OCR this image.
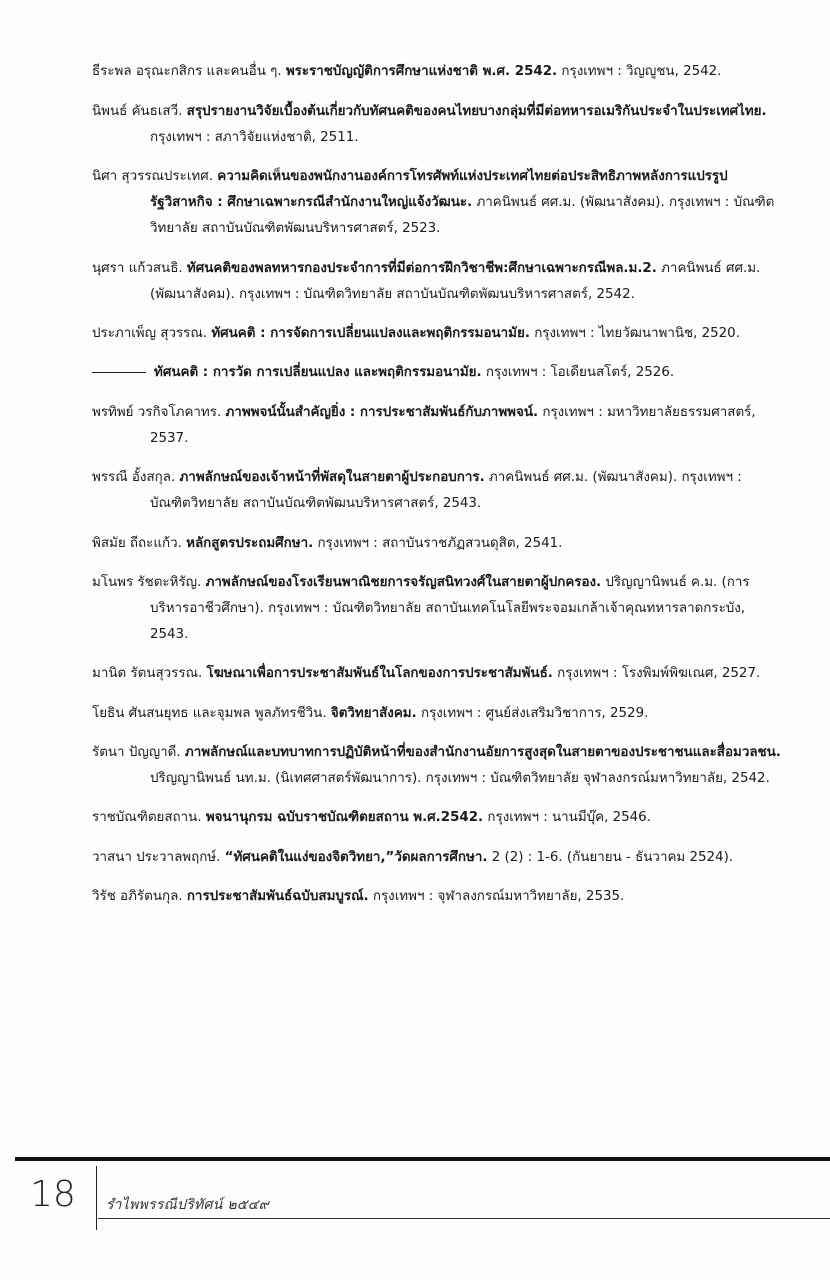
ธีระพล อรุณะกสิกร และคนอื่น ๆ. พระราชบัญญัติการศึกษาแห่งชาติ พ.ศ. 2542. กรุงเทพฯ : วิญญูชน, 2542.

นิพนธ์ คันธเสวี. สรุปรายงานวิจัยเบื้องต้นเกี่ยวกับทัศนคติของคนไทยบางกลุ่มที่มีต่อทหารอเมริกันประจำในประเทศไทย. กรุงเทพฯ : สภาวิจัยแห่งชาติ, 2511.

นิศา สุวรรณประเทศ. ความคิดเห็นของพนักงานองค์การโทรศัพท์แห่งประเทศไทยต่อประสิทธิภาพหลังการแปรรูปรัฐวิสาหกิจ : ศึกษาเฉพาะกรณีสำนักงานใหญ่แจ้งวัฒนะ. ภาคนิพนธ์ ศศ.ม. (พัฒนาสังคม). กรุงเทพฯ : บัณฑิตวิทยาลัย สถาบันบัณฑิตพัฒนบริหารศาสตร์, 2523.

นุศรา แก้วสนธิ. ทัศนคติของพลทหารกองประจำการที่มีต่อการฝึกวิชาชีพ:ศึกษาเฉพาะกรณีพล.ม.2. ภาคนิพนธ์ ศศ.ม. (พัฒนาสังคม). กรุงเทพฯ : บัณฑิตวิทยาลัย สถาบันบัณฑิตพัฒนบริหารศาสตร์, 2542.

ประภาเพ็ญ สุวรรณ. ทัศนคติ : การจัดการเปลี่ยนแปลงและพฤติกรรมอนามัย. กรุงเทพฯ : ไทยวัฒนาพานิช, 2520.

ทัศนคติ : การวัด การเปลี่ยนแปลง และพฤติกรรมอนามัย. กรุงเทพฯ : โอเดียนสโตร์, 2526.

พรทิพย์ วรกิจโภคาทร. ภาพพจน์นั้นสำคัญยิ่ง : การประชาสัมพันธ์กับภาพพจน์. กรุงเทพฯ : มหาวิทยาลัยธรรมศาสตร์, 2537.

พรรณี อั้งสกุล. ภาพลักษณ์ของเจ้าหน้าที่พัสดุในสายตาผู้ประกอบการ. ภาคนิพนธ์ ศศ.ม. (พัฒนาสังคม). กรุงเทพฯ : บัณฑิตวิทยาลัย สถาบันบัณฑิตพัฒนบริหารศาสตร์, 2543.

พิสมัย ถีถะแก้ว. หลักสูตรประถมศึกษา. กรุงเทพฯ : สถาบันราชภัฏสวนดุสิต, 2541.

มโนพร รัชตะหิรัญ. ภาพลักษณ์ของโรงเรียนพาณิชยการจรัญสนิทวงศ์ในสายตาผู้ปกครอง. ปริญญานิพนธ์ ค.ม. (การบริหารอาชีวศึกษา). กรุงเทพฯ : บัณฑิตวิทยาลัย สถาบันเทคโนโลยีพระจอมเกล้าเจ้าคุณทหารลาดกระบัง, 2543.

มานิต รัตนสุวรรณ. โฆษณาเพื่อการประชาสัมพันธ์ในโลกของการประชาสัมพันธ์. กรุงเทพฯ : โรงพิมพ์พิฆเณศ, 2527.

โยธิน ศันสนยุทธ และจุมพล พูลภัทรชีวิน. จิตวิทยาสังคม. กรุงเทพฯ : ศูนย์ส่งเสริมวิชาการ, 2529.

รัตนา ปัญญาดี. ภาพลักษณ์และบทบาทการปฏิบัติหน้าที่ของสำนักงานอัยการสูงสุดในสายตาของประชาชนและสื่อมวลชน. ปริญญานิพนธ์ นท.ม. (นิเทศศาสตร์พัฒนาการ). กรุงเทพฯ : บัณฑิตวิทยาลัย จุฬาลงกรณ์มหาวิทยาลัย, 2542.

ราชบัณฑิตยสถาน. พจนานุกรม ฉบับราชบัณฑิตยสถาน พ.ศ.2542. กรุงเทพฯ : นานมีบุ๊ค, 2546.

วาสนา ประวาลพฤกษ์. “ทัศนคติในแง่ของจิตวิทยา,”วัดผลการศึกษา. 2 (2) : 1-6. (กันยายน - ธันวาคม 2524).

วิรัช อภิรัตนกุล. การประชาสัมพันธ์ฉบับสมบูรณ์. กรุงเทพฯ : จุฬาลงกรณ์มหาวิทยาลัย, 2535.

18 รำไพพรรณีปริทัศน์ ๒๕๔๙
